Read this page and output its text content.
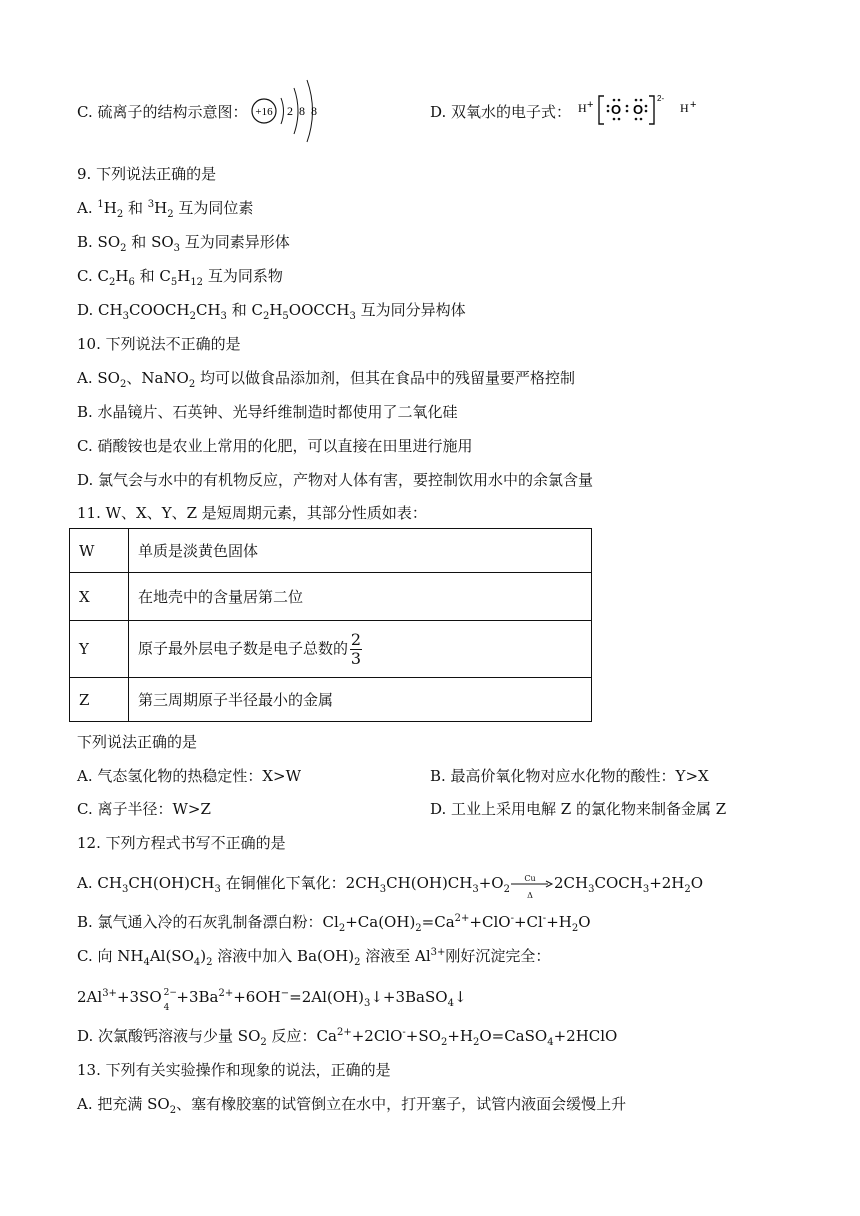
C. 硫离子的结构示意图： +16 2 8 8	D. 双氧水的电子式： H + O O
2-
H +
9. 下列说法正确的是
A. $^1H_2$ 和 $^3H_2$ 互为同位素
B. $SO_2$ 和 $SO_3$ 互为同素异形体
C. $C_2H_6$ 和 $C_5H_{12}$ 互为同系物
D. $CH_3COOCH_2CH_3$ 和 $C_2H_5OOCCH_3$ 互为同分异构体
10. 下列说法不正确的是
A. $SO_2$、NaNO$_2$ 均可以做食品添加剂，但其在食品中的残留量要严格控制
B. 水晶镜片、石英钟、光导纤维制造时都使用了二氧化硅
C. 硝酸铵也是农业上常用的化肥，可以直接在田里进行施用
D. 氯气会与水中的有机物反应，产物对人体有害，要控制饮用水中的余氯含量
11. W、X、Y、Z 是短周期元素，其部分性质如表：
W	单质是淡黄色固体
X	在地壳中的含量居第二位
Y	原子最外层电子数是电子总数的 $\frac{2}{3}$

Z	第三周期原子半径最小的金属
下列说法正确的是
A. 气态氢化物的热稳定性：X>W	B. 最高价氧化物对应水化物的酸性：Y>X
C. 离子半径：W>Z	D. 工业上采用电解 Z 的氯化物来制备金属 Z
12. 下列方程式书写不正确的是
A. $CH_3CH(OH)CH_3$ 在铜催化下氧化：$2CH_3CH(OH)CH_3+O_2$
Cu
Δ
$2CH_3COCH_3+2H_2O$
B. 氯气通入冷的石灰乳制备漂白粉：$Cl_2+Ca(OH)_2=Ca^{2+}+ClO^-+Cl^-+H_2O$
C. 向 $NH_4Al(SO_4)_2$ 溶液中加入 $Ba(OH)_2$ 溶液至 $Al^{3+}$刚好沉淀完全：
$2Al^{3+}+3SO$ 2−
4
$+3Ba^{2+}+6OH^-=2Al(OH)_3↓+3BaSO_4↓$
D. 次氯酸钙溶液与少量 $SO_2$ 反应：$Ca^{2+}+2ClO^-+SO_2+H_2O=CaSO_4+2HClO$
13. 下列有关实验操作和现象的说法，正确的是
A. 把充满 $SO_2$、塞有橡胶塞的试管倒立在水中，打开塞子，试管内液面会缓慢上升
